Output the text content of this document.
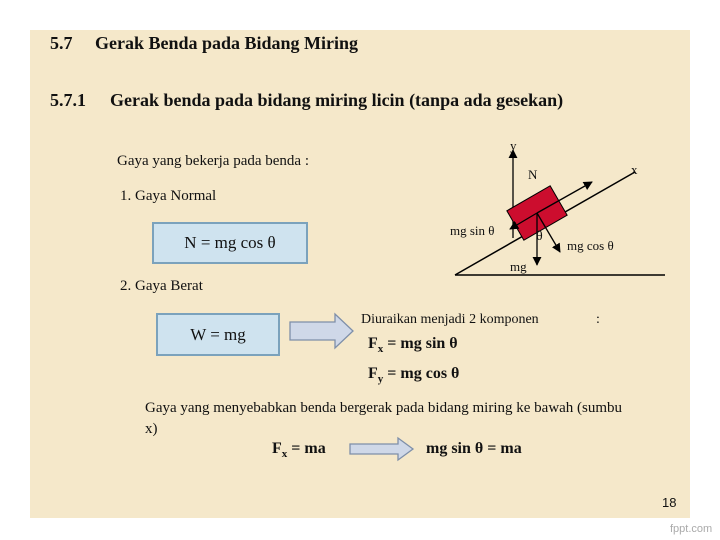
5.7 Gerak Benda pada Bidang Miring
5.7.1 Gerak benda pada bidang miring licin (tanpa ada gesekan)
Gaya yang bekerja pada benda :
1. Gaya Normal
N = mg cos θ
2. Gaya Berat
W = mg
y
x
N
mg sin θ	θ
mg cos θ
mg
Diuraikan menjadi 2 komponen	:
$F_x$ = mg sin θ
$F_y$ = mg cos θ
Gaya yang menyebabkan benda bergerak pada bidang miring ke bawah (sumbu
x)
$F_x$ = ma	mg sin θ = ma
18
fppt.com
